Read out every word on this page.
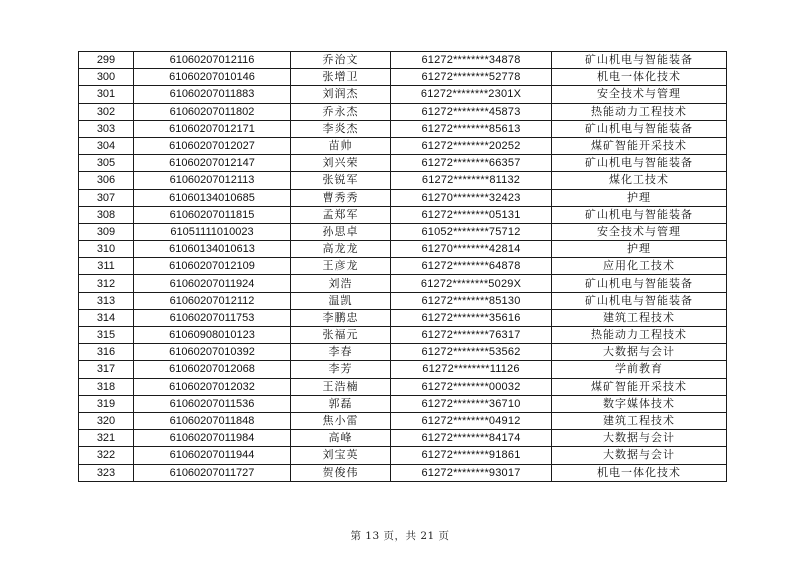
299	61060207012116	乔治文	61272********34878	矿山机电与智能装备
300	61060207010146	张增卫	61272********52778	机电一体化技术
301	61060207011883	刘润杰	61272********2301X	安全技术与管理
302	61060207011802	乔永杰	61272********45873	热能动力工程技术
303	61060207012171	李炎杰	61272********85613	矿山机电与智能装备
304	61060207012027	苗帅	61272********20252	煤矿智能开采技术
305	61060207012147	刘兴荣	61272********66357	矿山机电与智能装备
306	61060207012113	张锐军	61272********81132	煤化工技术
307	61060134010685	曹秀秀	61270********32423	护理
308	61060207011815	孟郑军	61272********05131	矿山机电与智能装备
309	61051111010023	孙思卓	61052********75712	安全技术与管理
310	61060134010613	高龙龙	61270********42814	护理
311	61060207012109	王彦龙	61272********64878	应用化工技术
312	61060207011924	刘浩	61272********5029X	矿山机电与智能装备
313	61060207012112	温凯	61272********85130	矿山机电与智能装备
314	61060207011753	李鹏忠	61272********35616	建筑工程技术
315	61060908010123	张福元	61272********76317	热能动力工程技术
316	61060207010392	李春	61272********53562	大数据与会计
317	61060207012068	李芳	61272********11126	学前教育
318	61060207012032	王浩楠	61272********00032	煤矿智能开采技术
319	61060207011536	郭磊	61272********36710	数字媒体技术
320	61060207011848	焦小雷	61272********04912	建筑工程技术
321	61060207011984	高峰	61272********84174	大数据与会计
322	61060207011944	刘宝英	61272********91861	大数据与会计
323	61060207011727	贺俊伟	61272********93017	机电一体化技术
第 13 页，共 21 页
